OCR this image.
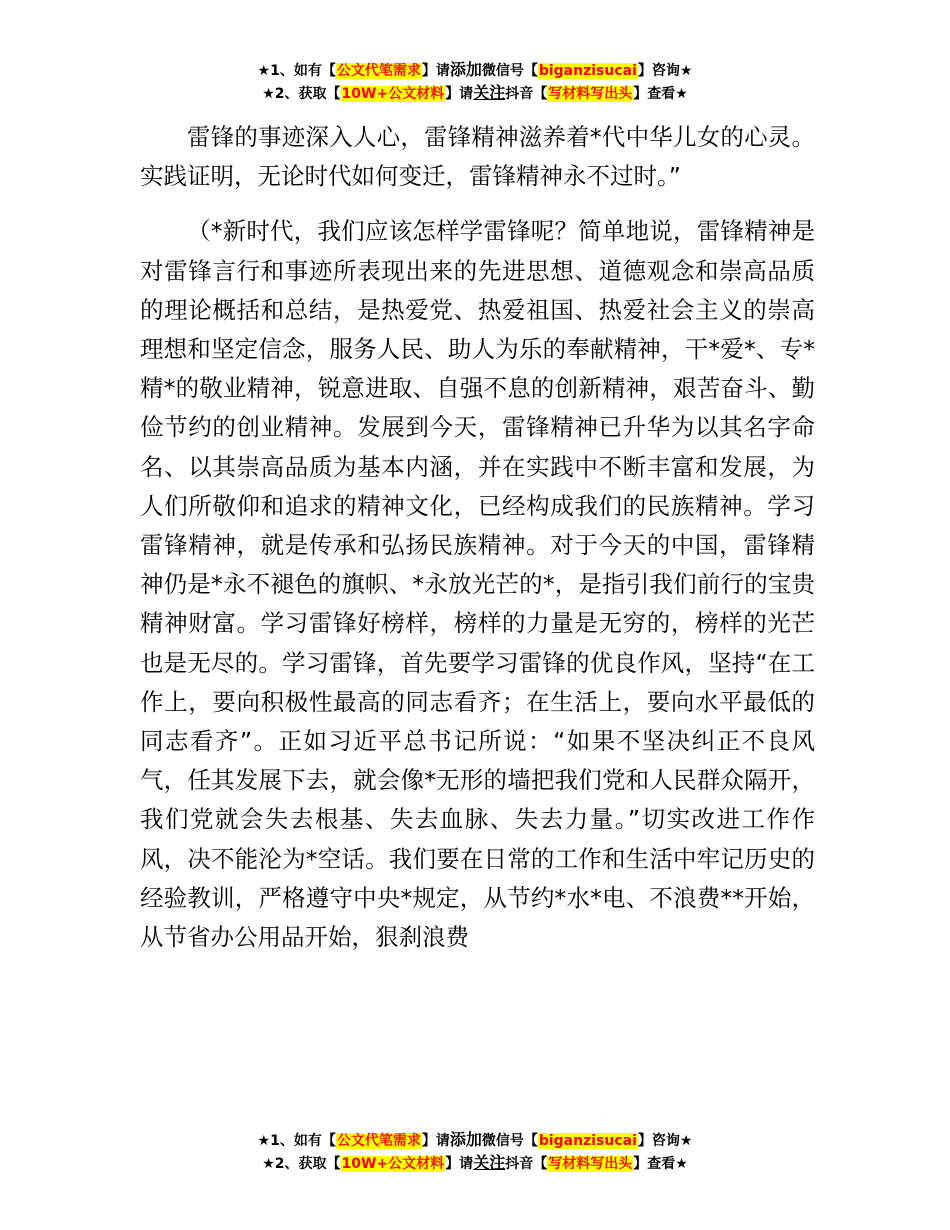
★1、如有【公文代笔需求】请添加微信号【biganzisucai】咨询★
★2、获取【10W+公文材料】请关注抖音【写材料写出头】查看★

雷锋的事迹深入人心，雷锋精神滋养着*代中华儿女的心灵。实践证明，无论时代如何变迁，雷锋精神永不过时。”

（*新时代，我们应该怎样学雷锋呢？简单地说，雷锋精神是对雷锋言行和事迹所表现出来的先进思想、道德观念和崇高品质的理论概括和总结，是热爱党、热爱祖国、热爱社会主义的崇高理想和坚定信念，服务人民、助人为乐的奉献精神，干*爱*、专*精*的敬业精神，锐意进取、自强不息的创新精神，艰苦奋斗、勤俭节约的创业精神。发展到今天，雷锋精神已升华为以其名字命名、以其崇高品质为基本内涵，并在实践中不断丰富和发展，为人们所敬仰和追求的精神文化，已经构成我们的民族精神。学习雷锋精神，就是传承和弘扬民族精神。对于今天的中国，雷锋精神仍是*永不褪色的旗帜、*永放光芒的*，是指引我们前行的宝贵精神财富。学习雷锋好榜样，榜样的力量是无穷的，榜样的光芒也是无尽的。学习雷锋，首先要学习雷锋的优良作风，坚持“在工作上，要向积极性最高的同志看齐；在生活上，要向水平最低的同志看齐”。正如习近平总书记所说：“如果不坚决纠正不良风气，任其发展下去，就会像*无形的墙把我们党和人民群众隔开，我们党就会失去根基、失去血脉、失去力量。”切实改进工作作风，决不能沦为*空话。我们要在日常的工作和生活中牢记历史的经验教训，严格遵守中央*规定，从节约*水*电、不浪费**开始，从节省办公用品开始，狠刹浪费

★1、如有【公文代笔需求】请添加微信号【biganzisucai】咨询★
★2、获取【10W+公文材料】请关注抖音【写材料写出头】查看★
